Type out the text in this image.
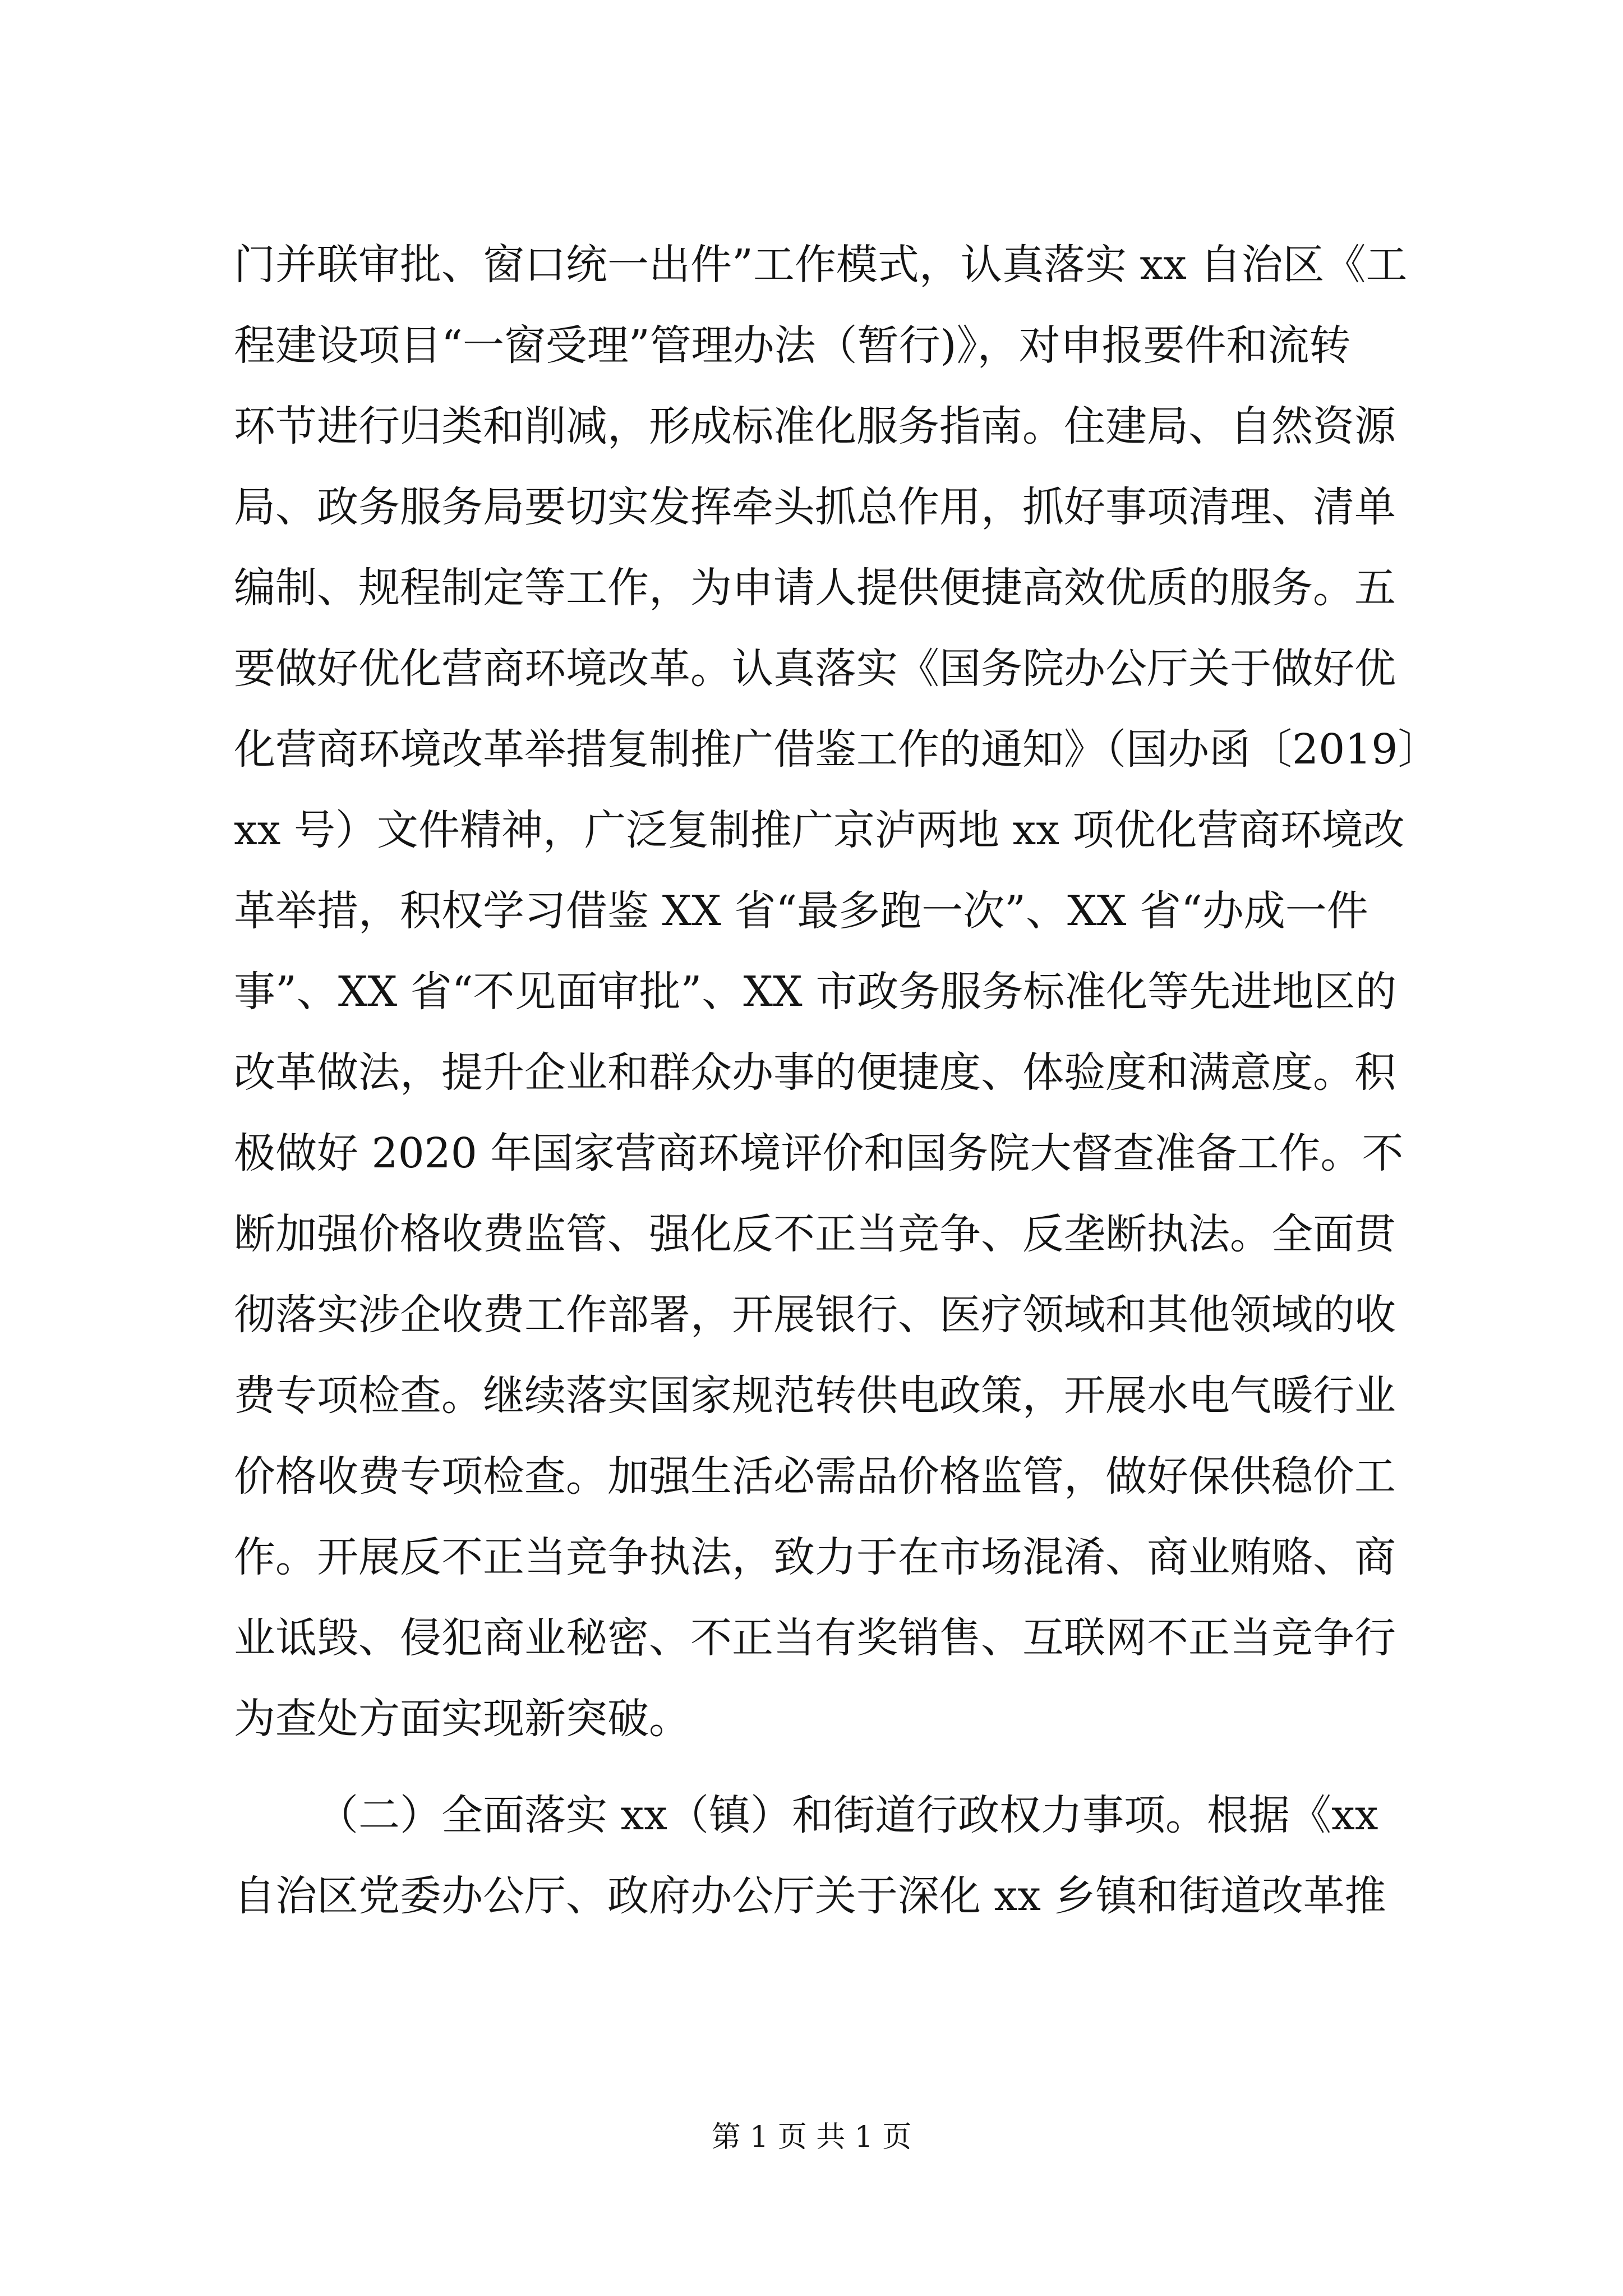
门并联审批、窗口统一出件”工作模式，认真落实 xx 自治区《工
程建设项目“一窗受理”管理办法（暂行)》，对申报要件和流转
环节进行归类和削减，形成标准化服务指南。住建局、自然资源
局、政务服务局要切实发挥牵头抓总作用，抓好事项清理、清单
编制、规程制定等工作，为申请人提供便捷高效优质的服务。五
要做好优化营商环境改革。认真落实《国务院办公厅关于做好优
化营商环境改革举措复制推广借鉴工作的通知》（国办函〔2019〕
xx 号）文件精神，广泛复制推广京泸两地 xx 项优化营商环境改
革举措，积权学习借鉴 XX 省“最多跑一次”、XX 省“办成一件
事”、XX 省“不见面审批”、XX 市政务服务标准化等先进地区的
改革做法，提升企业和群众办事的便捷度、体验度和满意度。积
极做好 2020 年国家营商环境评价和国务院大督查准备工作。不
断加强价格收费监管、强化反不正当竞争、反垄断执法。全面贯
彻落实涉企收费工作部署，开展银行、医疗领域和其他领域的收
费专项检查。继续落实国家规范转供电政策，开展水电气暖行业
价格收费专项检查。加强生活必需品价格监管，做好保供稳价工
作。开展反不正当竞争执法，致力于在市场混淆、商业贿赂、商
业诋毁、侵犯商业秘密、不正当有奖销售、互联网不正当竞争行
为查处方面实现新突破。
（二）全面落实 xx（镇）和街道行政权力事项。根据《xx
自治区党委办公厅、政府办公厅关于深化 xx 乡镇和街道改革推
第 1 页 共 1 页
